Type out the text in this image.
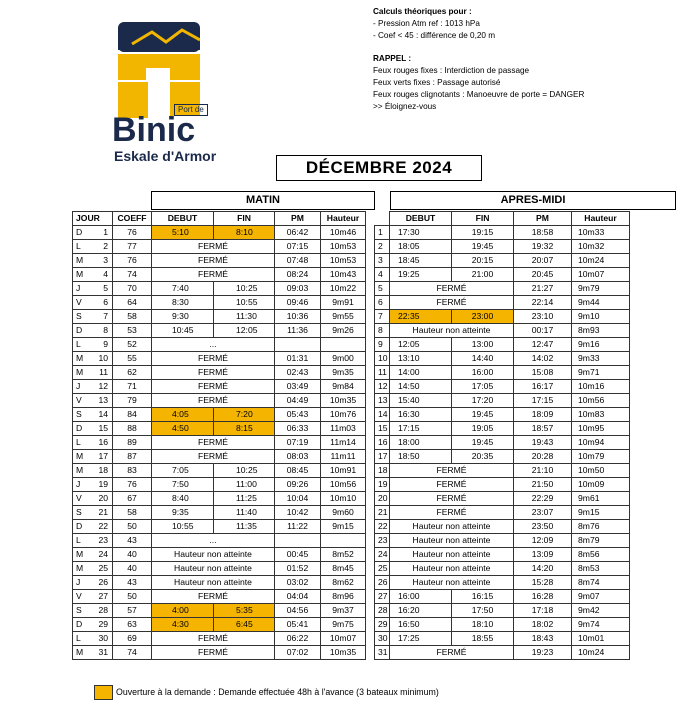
Port de
Binic
Eskale d'Armor
Calculs théoriques pour :
- Pression Atm ref : 1013 hPa
- Coef < 45 : différence de 0,20 m
RAPPEL :
Feux rouges fixes : Interdiction de passage
Feux verts fixes : Passage autorisé
Feux rouges clignotants : Manoeuvre de porte = DANGER
>> Éloignez-vous
DÉCEMBRE 2024
MATIN	APRES-MIDI
JOUR	COEFF	DEBUT	FIN	PM	Hauteur
D 1	76	5:10	8:10	06:42	10m46
L 2	77	FERMÉ		07:15	10m53
M 3	76	FERMÉ		07:48	10m53
M 4	74	FERMÉ		08:24	10m43
J 5	70	7:40	10:25	09:03	10m22
V 6	64	8:30	10:55	09:46	9m91
S 7	58	9:30	11:30	10:36	9m55
D 8	53	10:45	12:05	11:36	9m26
L 9	52	...			
M 10	55	FERMÉ		01:31	9m00
M 11	62	FERMÉ		02:43	9m35
J 12	71	FERMÉ		03:49	9m84
V 13	79	FERMÉ		04:49	10m35
S 14	84	4:05	7:20	05:43	10m76
D 15	88	4:50	8:15	06:33	11m03
L 16	89	FERMÉ		07:19	11m14
M 17	87	FERMÉ		08:03	11m11
M 18	83	7:05	10:25	08:45	10m91
J 19	76	7:50	11:00	09:26	10m56
V 20	67	8:40	11:25	10:04	10m10
S 21	58	9:35	11:40	10:42	9m60
D 22	50	10:55	11:35	11:22	9m15
L 23	43	...			
M 24	40	Hauteur non atteinte		00:45	8m52
M 25	40	Hauteur non atteinte		01:52	8m45
J 26	43	Hauteur non atteinte		03:02	8m62
V 27	50	FERMÉ		04:04	8m96
S 28	57	4:00	5:35	04:56	9m37
D 29	63	4:30	6:45	05:41	9m75
L 30	69	FERMÉ		06:22	10m07
M 31	74	FERMÉ		07:02	10m35
	DEBUT	FIN	PM	Hauteur
1	17:30	19:15	18:58	10m33
2	18:05	19:45	19:32	10m32
3	18:45	20:15	20:07	10m24
4	19:25	21:00	20:45	10m07
5	FERMÉ		21:27	9m79
6	FERMÉ		22:14	9m44
7	22:35	23:00	23:10	9m10
8	Hauteur non atteinte		00:17	8m93
9	12:05	13:00	12:47	9m16
10	13:10	14:40	14:02	9m33
11	14:00	16:00	15:08	9m71
12	14:50	17:05	16:17	10m16
13	15:40	17:20	17:15	10m56
14	16:30	19:45	18:09	10m83
15	17:15	19:05	18:57	10m95
16	18:00	19:45	19:43	10m94
17	18:50	20:35	20:28	10m79
18	FERMÉ		21:10	10m50
19	FERMÉ		21:50	10m09
20	FERMÉ		22:29	9m61
21	FERMÉ		23:07	9m15
22	Hauteur non atteinte		23:50	8m76
23	Hauteur non atteinte		12:09	8m79
24	Hauteur non atteinte		13:09	8m56
25	Hauteur non atteinte		14:20	8m53
26	Hauteur non atteinte		15:28	8m74
27	16:00	16:15	16:28	9m07
28	16:20	17:50	17:18	9m42
29	16:50	18:10	18:02	9m74
30	17:25	18:55	18:43	10m01
31	FERMÉ		19:23	10m24
Ouverture à la demande : Demande effectuée 48h à l'avance (3 bateaux minimum)
